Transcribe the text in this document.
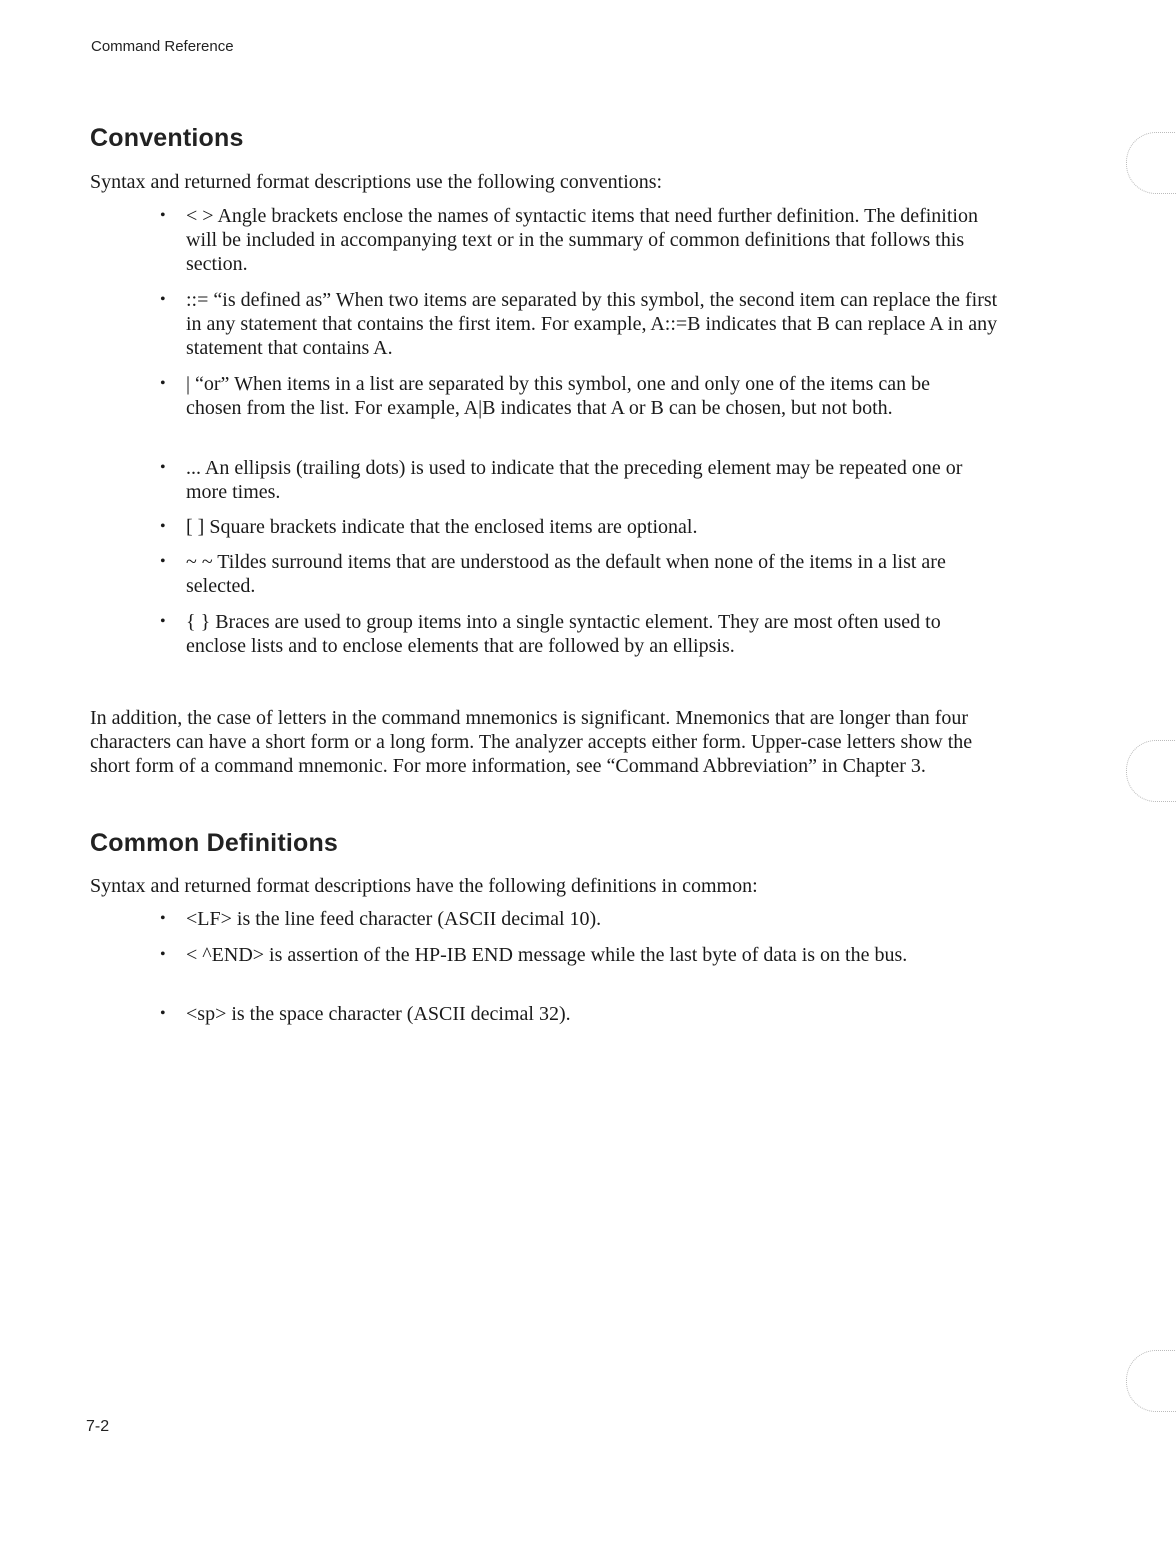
Command Reference
Conventions

Syntax and returned format descriptions use the following conventions:

• < > Angle brackets enclose the names of syntactic items that need further definition. The definition will be included in accompanying text or in the summary of common definitions that follows this section.
• ::= “is defined as” When two items are separated by this symbol, the second item can replace the first in any statement that contains the first item. For example, A::=B indicates that B can replace A in any statement that contains A.
• | “or” When items in a list are separated by this symbol, one and only one of the items can be chosen from the list. For example, A|B indicates that A or B can be chosen, but not both.
• ... An ellipsis (trailing dots) is used to indicate that the preceding element may be repeated one or more times.
• [ ] Square brackets indicate that the enclosed items are optional.
• ~ ~ Tildes surround items that are understood as the default when none of the items in a list are selected.
• { } Braces are used to group items into a single syntactic element. They are most often used to enclose lists and to enclose elements that are followed by an ellipsis.

In addition, the case of letters in the command mnemonics is significant. Mnemonics that are longer than four characters can have a short form or a long form. The analyzer accepts either form. Upper-case letters show the short form of a command mnemonic. For more information, see “Command Abbreviation” in Chapter 3.

Common Definitions

Syntax and returned format descriptions have the following definitions in common:

• <LF> is the line feed character (ASCII decimal 10).
• < ^END> is assertion of the HP-IB END message while the last byte of data is on the bus.
• <sp> is the space character (ASCII decimal 32).
7-2
